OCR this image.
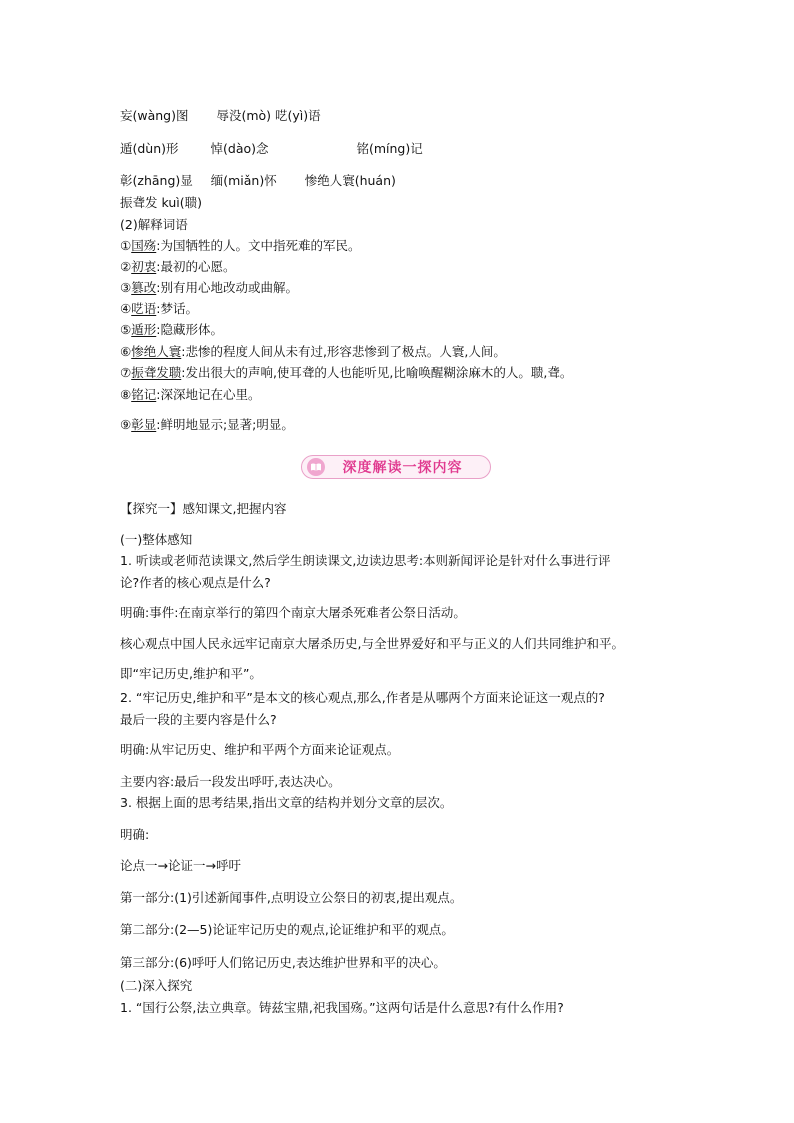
妄(wàng)图 辱没(mò) 呓(yì)语
遁(dùn)形	悼(dào)念	铭(míng)记
彰(zhāng)显 缅(miǎn)怀 惨绝人寰(huán)
振聋发 kuì(聩)
(2)解释词语
①国殇:为国牺牲的人。文中指死难的军民。
②初衷:最初的心愿。
③篡改:别有用心地改动或曲解。
④呓语:梦话。
⑤遁形:隐藏形体。
⑥惨绝人寰:悲惨的程度人间从未有过,形容悲惨到了极点。人寰,人间。
⑦振聋发聩:发出很大的声响,使耳聋的人也能听见,比喻唤醒糊涂麻木的人。聩,聋。
⑧铭记:深深地记在心里。
⑨彰显:鲜明地显示;显著;明显。
深度解读一探内容
【探究一】感知课文,把握内容
(一)整体感知
1. 听读或老师范读课文,然后学生朗读课文,边读边思考:本则新闻评论是针对什么事进行评
论?作者的核心观点是什么?
明确:事件:在南京举行的第四个南京大屠杀死难者公祭日活动。
核心观点中国人民永远牢记南京大屠杀历史,与全世界爱好和平与正义的人们共同维护和平。
即“牢记历史,维护和平”。
2. “牢记历史,维护和平”是本文的核心观点,那么,作者是从哪两个方面来论证这一观点的?
最后一段的主要内容是什么?
明确:从牢记历史、维护和平两个方面来论证观点。
主要内容:最后一段发出呼吁,表达决心。
3. 根据上面的思考结果,指出文章的结构并划分文章的层次。
明确:
论点一→论证一→呼吁
第一部分:(1)引述新闻事件,点明设立公祭日的初衷,提出观点。
第二部分:(2—5)论证牢记历史的观点,论证维护和平的观点。
第三部分:(6)呼吁人们铭记历史,表达维护世界和平的决心。
(二)深入探究
1. “国行公祭,法立典章。铸兹宝鼎,祀我国殇。”这两句话是什么意思?有什么作用?
